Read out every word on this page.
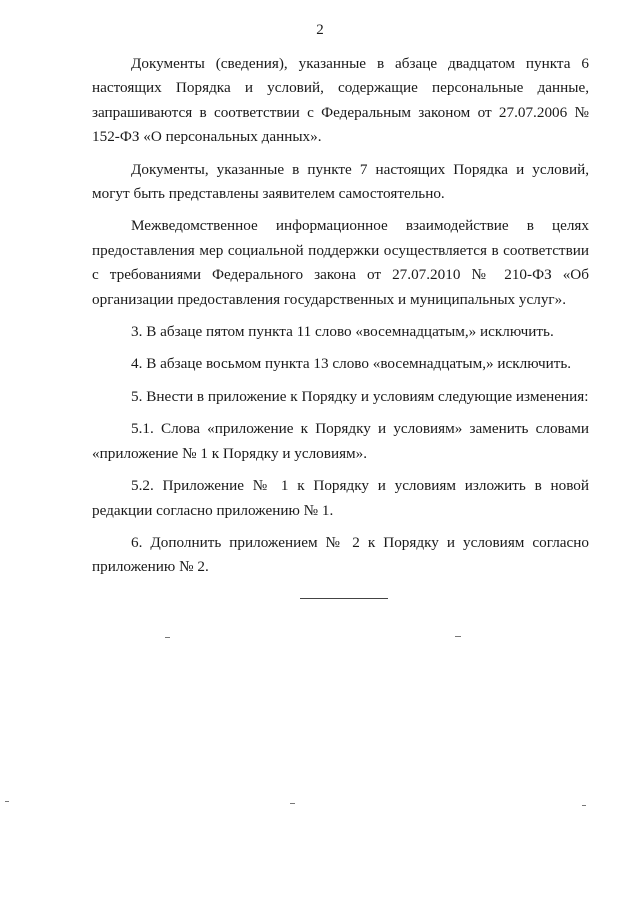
2

Документы (сведения), указанные в абзаце двадцатом пункта 6 настоящих Порядка и условий, содержащие персональные данные, запрашиваются в соответствии с Федеральным законом от 27.07.2006 № 152-ФЗ «О персональных данных».

Документы, указанные в пункте 7 настоящих Порядка и условий, могут быть представлены заявителем самостоятельно.

Межведомственное информационное взаимодействие в целях предоставления мер социальной поддержки осуществляется в соответствии с требованиями Федерального закона от 27.07.2010 № 210-ФЗ «Об организации предоставления государственных и муниципальных услуг».

3. В абзаце пятом пункта 11 слово «восемнадцатым,» исключить.

4. В абзаце восьмом пункта 13 слово «восемнадцатым,» исключить.

5. Внести в приложение к Порядку и условиям следующие изменения:

5.1. Слова «приложение к Порядку и условиям» заменить словами «приложение № 1 к Порядку и условиям».

5.2. Приложение № 1 к Порядку и условиям изложить в новой редакции согласно приложению № 1.

6. Дополнить приложением № 2 к Порядку и условиям согласно приложению № 2.
